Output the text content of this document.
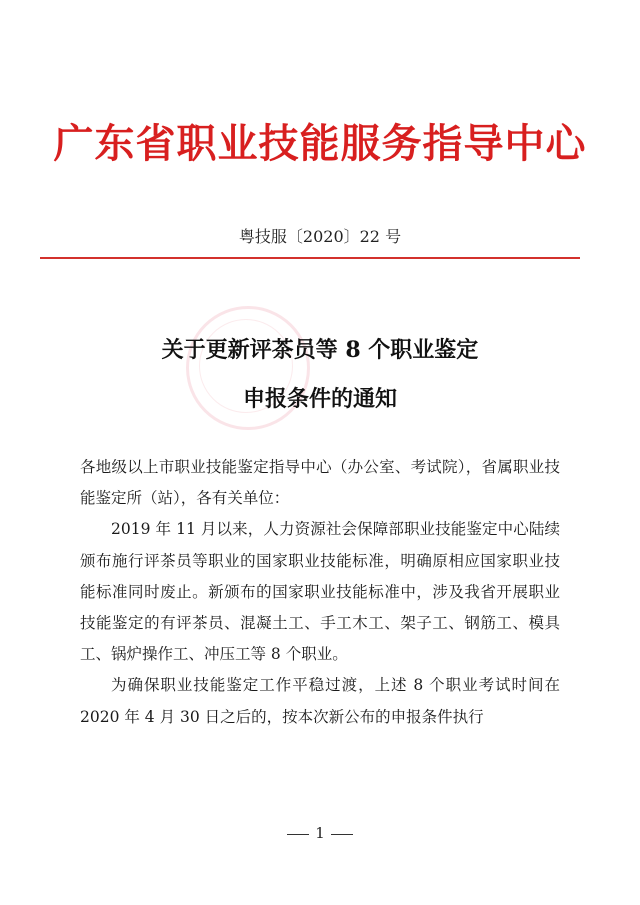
广东省职业技能服务指导中心
粤技服〔2020〕22 号
关于更新评茶员等 8 个职业鉴定
申报条件的通知

各地级以上市职业技能鉴定指导中心（办公室、考试院），省属职业技能鉴定所（站），各有关单位：

2019 年 11 月以来，人力资源社会保障部职业技能鉴定中心陆续颁布施行评茶员等职业的国家职业技能标准，明确原相应国家职业技能标准同时废止。新颁布的国家职业技能标准中，涉及我省开展职业技能鉴定的有评茶员、混凝土工、手工木工、架子工、钢筋工、模具工、锅炉操作工、冲压工等 8 个职业。

为确保职业技能鉴定工作平稳过渡，上述 8 个职业考试时间在 2020 年 4 月 30 日之后的，按本次新公布的申报条件执行

1
